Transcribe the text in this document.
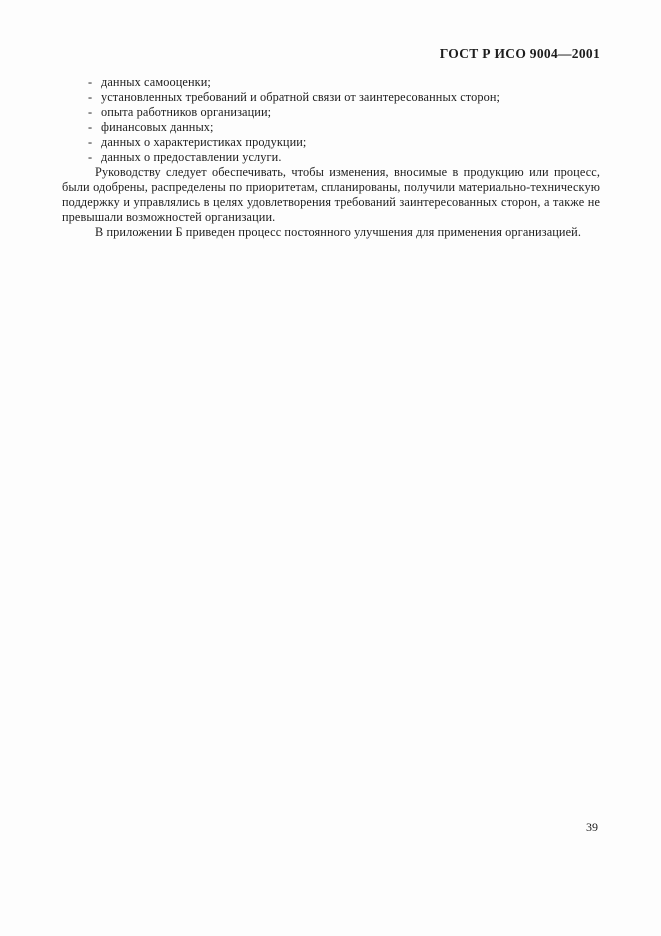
ГОСТ Р ИСО 9004—2001
- данных самооценки;
- установленных требований и обратной связи от заинтересованных сторон;
- опыта работников организации;
- финансовых данных;
- данных о характеристиках продукции;
- данных о предоставлении услуги.

Руководству следует обеспечивать, чтобы изменения, вносимые в продукцию или процесс, были одобрены, распределены по приоритетам, спланированы, получили материально-техническую поддержку и управлялись в целях удовлетворения требований заинтересованных сторон, а также не превышали возможностей организации.

В приложении Б приведен процесс постоянного улучшения для применения организацией.

39
